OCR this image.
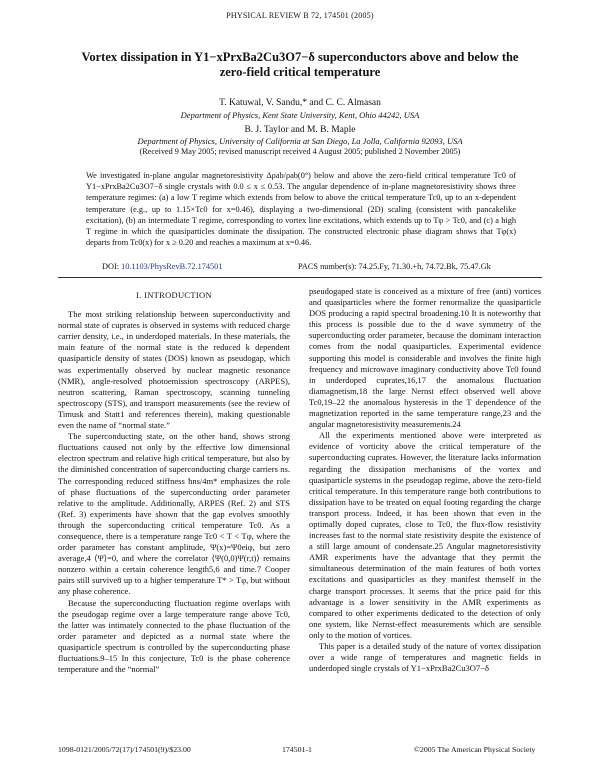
PHYSICAL REVIEW B 72, 174501 (2005)
Vortex dissipation in Y1−xPrxBa2Cu3O7−δ superconductors above and below the zero-field critical temperature
T. Katuwal, V. Sandu,* and C. C. Almasan
Department of Physics, Kent State University, Kent, Ohio 44242, USA
B. J. Taylor and M. B. Maple
Department of Physics, University of California at San Diego, La Jolla, California 92093, USA
(Received 9 May 2005; revised manuscript received 4 August 2005; published 2 November 2005)
We investigated in-plane angular magnetoresistivity Δρab/ρab(0°) below and above the zero-field critical temperature Tc0 of Y1−xPrxBa2Cu3O7−δ single crystals with 0.0 ≤ x ≤ 0.53. The angular dependence of in-plane magnetoresistivity shows three temperature regimes: (a) a low T regime which extends from below to above the critical temperature Tc0, up to an x-dependent temperature (e.g., up to 1.15×Tc0 for x=0.46), displaying a two-dimensional (2D) scaling (consistent with pancakelike excitation), (b) an intermediate T regime, corresponding to vortex line excitations, which extends up to Tφ > Tc0, and (c) a high T regime in which the quasiparticles dominate the dissipation. The constructed electronic phase diagram shows that Tφ(x) departs from Tc0(x) for x ≥ 0.20 and reaches a maximum at x=0.46.
DOI: 10.1103/PhysRevB.72.174501	PACS number(s): 74.25.Fy, 71.30.+h, 74.72.Bk, 75.47.Gk
I. INTRODUCTION

The most striking relationship between superconductivity and normal state of cuprates is observed in systems with reduced charge carrier density, i.e., in underdoped materials. In these materials, the main feature of the normal state is the reduced k dependent quasiparticle density of states (DOS) known as pseudogap, which was experimentally observed by nuclear magnetic resonance (NMR), angle-resolved photoemission spectroscopy (ARPES), neutron scattering, Raman spectroscopy, scanning tunneling spectroscopy (STS), and transport measurements (see the review of Timusk and Statt1 and references therein), making questionable even the name of “normal state.”

The superconducting state, on the other hand, shows strong fluctuations caused not only by the effective low dimensional electron spectrum and relative high critical temperature, but also by the diminished concentration of superconducting charge carriers ns. The corresponding reduced stiffness ħns/4m* emphasizes the role of phase fluctuations of the superconducting order parameter relative to the amplitude. Additionally, ARPES (Ref. 2) and STS (Ref. 3) experiments have shown that the gap evolves smoothly through the superconducting critical temperature Tc0. As a consequence, there is a temperature range Tc0 < T < Tφ, where the order parameter has constant amplitude, Ψ(x)=Ψ0eiφ, but zero average,4 ⟨Ψ⟩=0, and where the correlator ⟨Ψ(0,0)Ψ(r,t)⟩ remains nonzero within a certain coherence length5,6 and time.7 Cooper pairs still survive8 up to a higher temperature T* > Tφ, but without any phase coherence.

Because the superconducting fluctuation regime overlaps with the pseudogap regime over a large temperature range above Tc0, the latter was intimately connected to the phase fluctuation of the order parameter and depicted as a normal state where the quasiparticle spectrum is controlled by the superconducting phase fluctuations.9–15 In this conjecture, Tc0 is the phase coherence temperature and the “normal”

pseudogaped state is conceived as a mixture of free (anti) vortices and quasiparticles where the former renormalize the quasiparticle DOS producing a rapid spectral broadening.10 It is noteworthy that this process is possible due to the d wave symmetry of the superconducting order parameter, because the dominant interaction comes from the nodal quasiparticles. Experimental evidence supporting this model is considerable and involves the finite high frequency and microwave imaginary conductivity above Tc0 found in underdoped cuprates,16,17 the anomalous fluctuation diamagnetism,18 the large Nernst effect observed well above Tc0,19–22 the anomalous hysteresis in the T dependence of the magnetization reported in the same temperature range,23 and the angular magnetoresistivity measurements.24

All the experiments mentioned above were interpreted as evidence of vorticity above the critical temperature of the superconducting cuprates. However, the literature lacks information regarding the dissipation mechanisms of the vortex and quasiparticle systems in the pseudogap regime, above the zero-field critical temperature. In this temperature range both contributions to dissipation have to be treated on equal footing regarding the charge transport process. Indeed, it has been shown that even in the optimally doped cuprates, close to Tc0, the flux-flow resistivity increases fast to the normal state resistivity despite the existence of a still large amount of condensate.25 Angular magnetoresistivity AMR experiments have the advantage that they permit the simultaneous determination of the main features of both vortex excitations and quasiparticles as they manifest themself in the charge transport processes. It seems that the price paid for this advantage is a lower sensitivity in the AMR experiments as compared to other experiments dedicated to the detection of only one system, like Nernst-effect measurements which are sensible only to the motion of vortices.

This paper is a detailed study of the nature of vortex dissipation over a wide range of temperatures and magnetic fields in underdoped single crystals of Y1−xPrxBa2Cu3O7−δ

1098-0121/2005/72(17)/174501(9)/$23.00	174501-1	©2005 The American Physical Society
